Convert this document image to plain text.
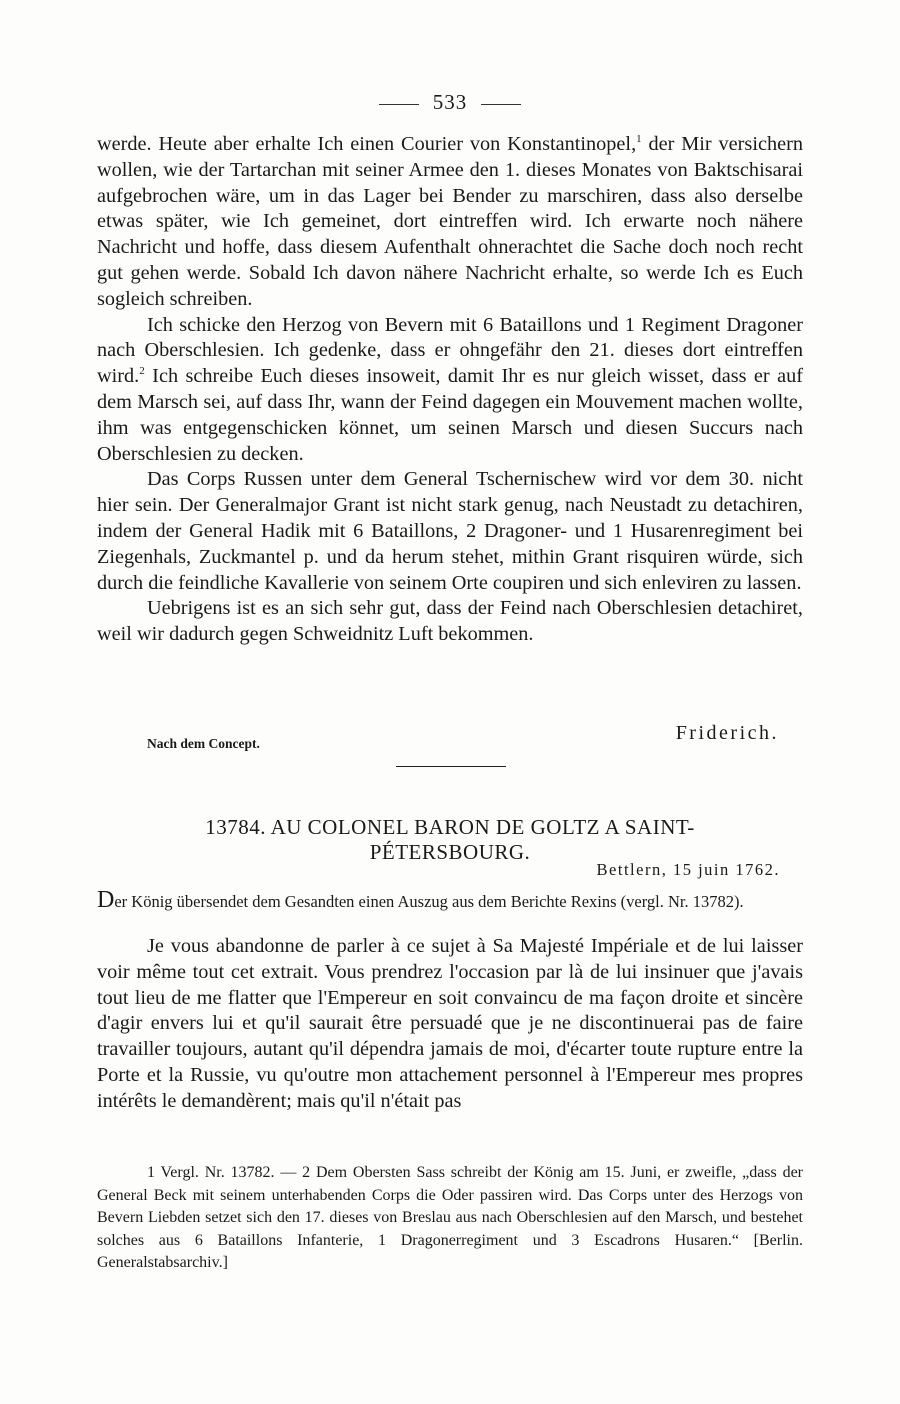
533

werde. Heute aber erhalte Ich einen Courier von Konstantinopel,$^1$ der Mir versichern wollen, wie der Tartarchan mit seiner Armee den 1. dieses Monates von Baktschisarai aufgebrochen wäre, um in das Lager bei Bender zu marschiren, dass also derselbe etwas später, wie Ich gemeinet, dort eintreffen wird. Ich erwarte noch nähere Nachricht und hoffe, dass diesem Aufenthalt ohnerachtet die Sache doch noch recht gut gehen werde. Sobald Ich davon nähere Nachricht erhalte, so werde Ich es Euch sogleich schreiben.

Ich schicke den Herzog von Bevern mit 6 Bataillons und 1 Regiment Dragoner nach Oberschlesien. Ich gedenke, dass er ohngefähr den 21. dieses dort eintreffen wird.$^2$ Ich schreibe Euch dieses insoweit, damit Ihr es nur gleich wisset, dass er auf dem Marsch sei, auf dass Ihr, wann der Feind dagegen ein Mouvement machen wollte, ihm was entgegenschicken könnet, um seinen Marsch und diesen Succurs nach Oberschlesien zu decken.

Das Corps Russen unter dem General Tschernischew wird vor dem 30. nicht hier sein. Der Generalmajor Grant ist nicht stark genug, nach Neustadt zu detachiren, indem der General Hadik mit 6 Bataillons, 2 Dragoner- und 1 Husarenregiment bei Ziegenhals, Zuckmantel p. und da herum stehet, mithin Grant risquiren würde, sich durch die feindliche Kavallerie von seinem Orte coupiren und sich enleviren zu lassen.

Uebrigens ist es an sich sehr gut, dass der Feind nach Oberschlesien detachiret, weil wir dadurch gegen Schweidnitz Luft bekommen.

Nach dem Concept.	Friderich.
13784. AU COLONEL BARON DE GOLTZ A SAINT-
PÉTERSBOURG.
Bettlern, 15 juin 1762.
Der König übersendet dem Gesandten einen Auszug aus dem Berichte Rexins (vergl. Nr. 13782).

Je vous abandonne de parler à ce sujet à Sa Majesté Impériale et de lui laisser voir même tout cet extrait. Vous prendrez l'occasion par là de lui insinuer que j'avais tout lieu de me flatter que l'Empereur en soit convaincu de ma façon droite et sincère d'agir envers lui et qu'il saurait être persuadé que je ne discontinuerai pas de faire travailler toujours, autant qu'il dépendra jamais de moi, d'écarter toute rupture entre la Porte et la Russie, vu qu'outre mon attachement personnel à l'Empereur mes propres intérêts le demandèrent; mais qu'il n'était pas

1 Vergl. Nr. 13782. — 2 Dem Obersten Sass schreibt der König am 15. Juni, er zweifle, „dass der General Beck mit seinem unterhabenden Corps die Oder passiren wird. Das Corps unter des Herzogs von Bevern Liebden setzet sich den 17. dieses von Breslau aus nach Oberschlesien auf den Marsch, und bestehet solches aus 6 Bataillons Infanterie, 1 Dragonerregiment und 3 Escadrons Husaren.“ [Berlin. Generalstabsarchiv.]
